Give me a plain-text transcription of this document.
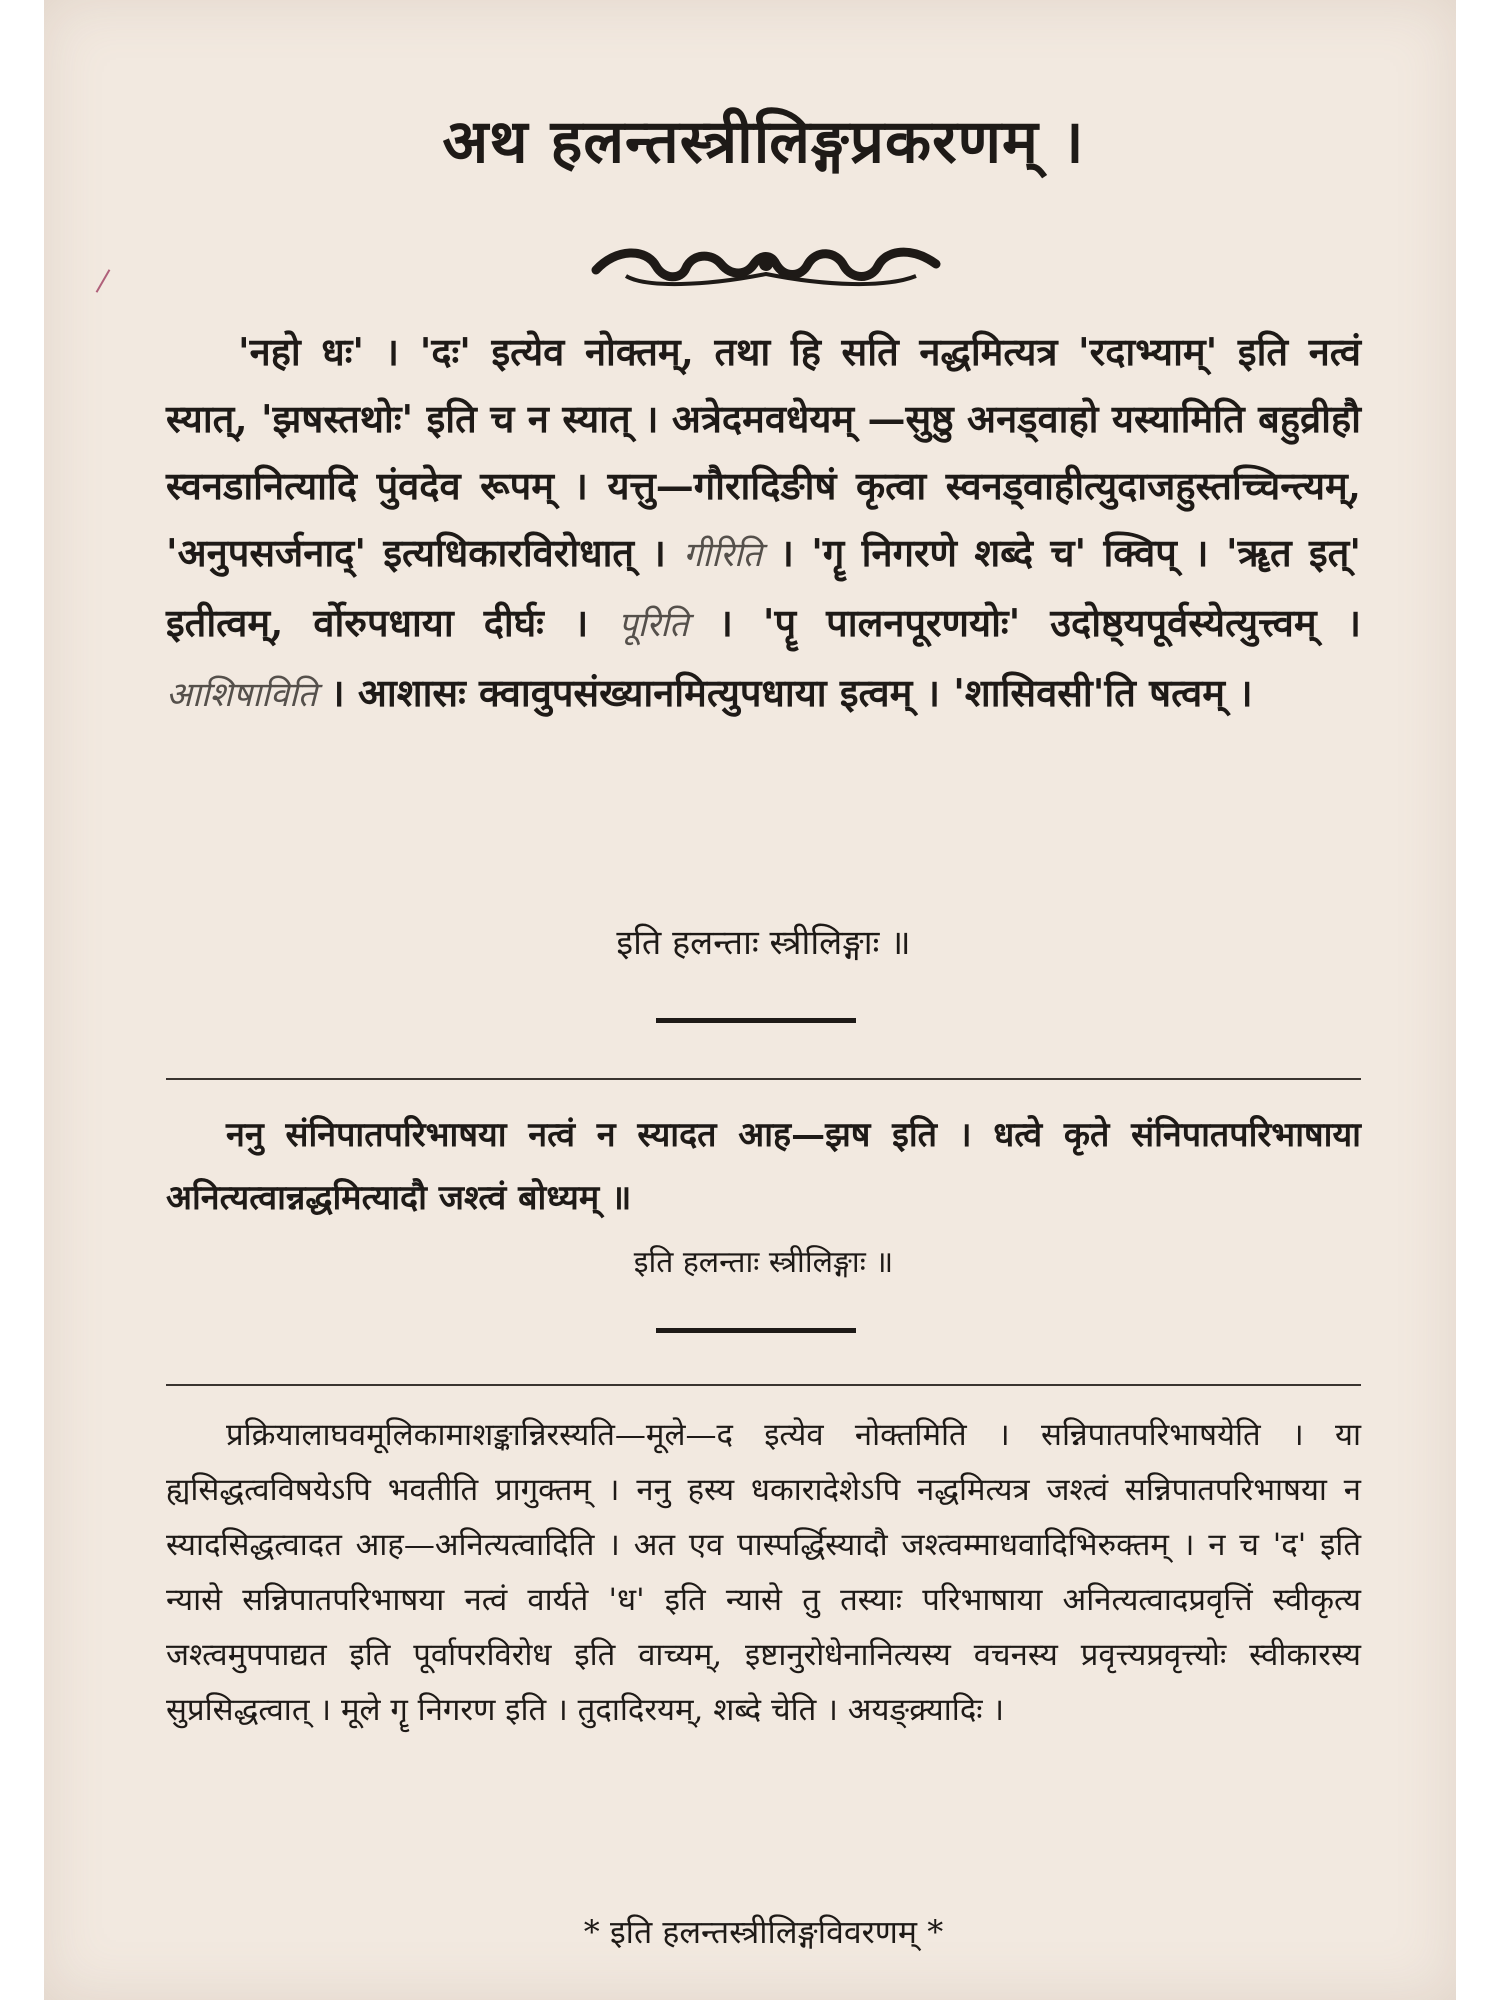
अथ हलन्तस्त्रीलिङ्गप्रकरणम् ।

'नहो धः' । 'दः' इत्येव नोक्तम्, तथा हि सति नद्धमित्यत्र 'रदाभ्याम्' इति नत्वं स्यात्, 'झषस्तथोः' इति च न स्यात् । अत्रेदमवधेयम् —सुष्ठु अनड्वाहो यस्यामिति बहुव्रीहौ स्वनडानित्यादि पुंवदेव रूपम् । यत्तु—गौरादिङीषं कृत्वा स्वनड्वाहीत्युदाजहुस्तच्चिन्त्यम्, 'अनुपसर्जनाद्' इत्यधिकारविरोधात् । गीरिति । 'गॄ निगरणे शब्दे च' क्विप् । 'ॠत इत्' इतीत्वम्, र्वोरुपधाया दीर्घः । पूरिति । 'पॄ पालनपूरणयोः' उदोष्ठ्यपूर्वस्येत्युत्त्वम् । आशिषाविति । आशासः क्वावुपसंख्यानमित्युपधाया इत्वम् । 'शासिवसी'ति षत्वम् ।

इति हलन्ताः स्त्रीलिङ्गाः ॥

ननु संनिपातपरिभाषया नत्वं न स्यादत आह—झष इति । धत्वे कृते संनिपातपरिभाषाया अनित्यत्वान्नद्धमित्यादौ जश्त्वं बोध्यम् ॥

इति हलन्ताः स्त्रीलिङ्गाः ॥

प्रक्रियालाघवमूलिकामाशङ्कान्निरस्यति—मूले—द इत्येव नोक्तमिति । सन्निपातपरिभाषयेति । या ह्यसिद्धत्वविषयेऽपि भवतीति प्रागुक्तम् । ननु हस्य धकारादेशेऽपि नद्धमित्यत्र जश्त्वं सन्निपातपरिभाषया न स्यादसिद्धत्वादत आह—अनित्यत्वादिति । अत एव पास्पर्द्धिस्यादौ जश्त्वम्माधवादिभिरुक्तम् । न च 'द' इति न्यासे सन्निपातपरिभाषया नत्वं वार्यते 'ध' इति न्यासे तु तस्याः परिभाषाया अनित्यत्वादप्रवृत्तिं स्वीकृत्य जश्त्वमुपपाद्यत इति पूर्वापरविरोध इति वाच्यम्, इष्टानुरोधेनानित्यस्य वचनस्य प्रवृत्त्यप्रवृत्त्योः स्वीकारस्य सुप्रसिद्धत्वात् । मूले गॄ निगरण इति । तुदादिरयम्, शब्दे चेति । अयङ्क्र्यादिः ।

* इति हलन्तस्त्रीलिङ्गविवरणम् *
